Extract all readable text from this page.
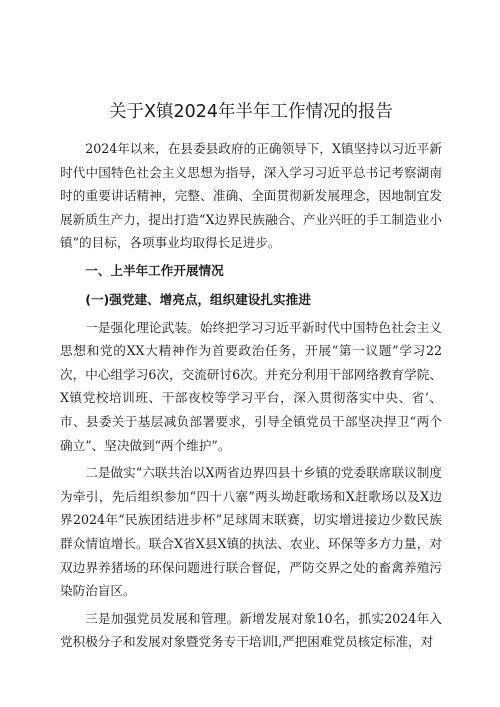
关于X镇2024年半年工作情况的报告

2024年以来，在县委县政府的正确领导下，X镇坚持以习近平新时代中国特色社会主义思想为指导，深入学习习近平总书记考察湖南时的重要讲话精神，完整、准确、全面贯彻新发展理念，因地制宜发展新质生产力，提出打造“X边界民族融合、产业兴旺的手工制造业小镇”的目标，各项事业均取得长足进步。

一、上半年工作开展情况

(一)强党建、增亮点，组织建设扎实推进

一是强化理论武装。始终把学习习近平新时代中国特色社会主义思想和党的XX大精神作为首要政治任务，开展“第一议题”学习22次，中心组学习6次，交流研讨6次。并充分利用干部网络教育学院、X镇党校培训班、干部夜校等学习平台，深入贯彻落实中央、省’、市、县委关于基层减负部署要求，引导全镇党员干部坚决捍卫“两个确立”、坚决做到“两个维护”。

二是做实“六联共治以X两省边界四县十乡镇的党委联席联议制度为牵引，先后组织参加“四十八寨”两头坳赶歌场和X赶歌场以及X边界2024年“民族团结进步杯”足球周末联赛，切实增进接边少数民族群众情谊增长。联合X省X县X镇的执法、农业、环保等多方力量，对双边界养猪场的环保问题进行联合督促，严防交界之处的畜禽养殖污染防治盲区。

三是加强党员发展和管理。新增发展对象10名，抓实2024年入党积极分子和发展对象暨党务专干培训l,严把困难党员核定标准，对
